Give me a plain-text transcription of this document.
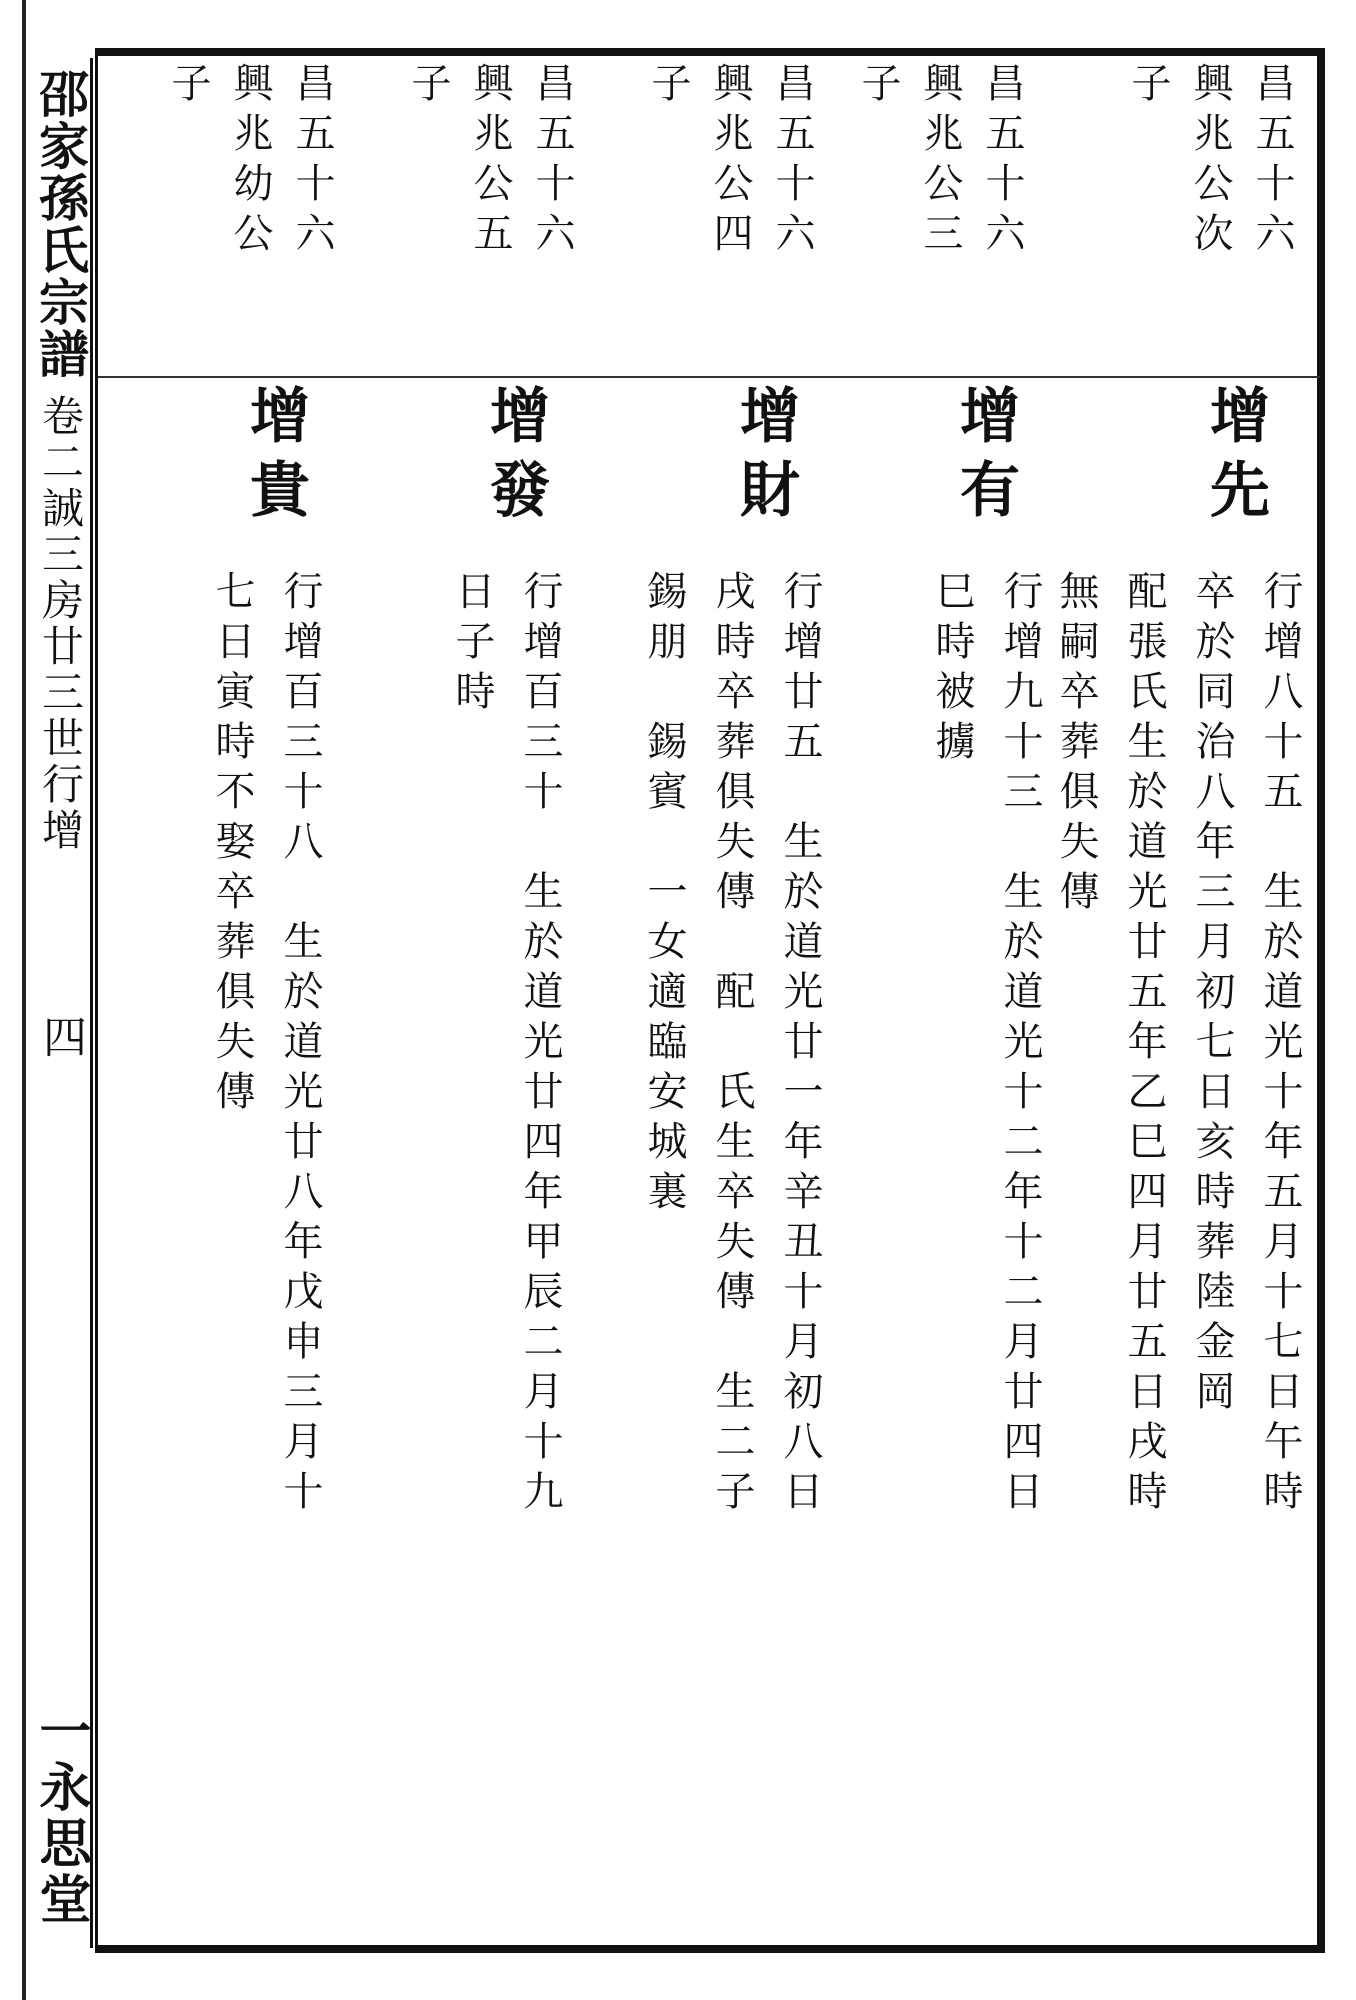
邵家孫氏宗譜
卷二誠三房廿三世行增
四
一永思堂
昌五十六
興兆公次
子
增先
行增八十五　生於道光十年五月十七日午時
卒於同治八年三月初七日亥時葬陸金岡
配張氏生於道光廿五年乙巳四月廿五日戌時
無嗣卒葬俱失傳
昌五十六
興兆公三
子
增有
行增九十三　生於道光十二年十二月廿四日
巳時被擄
昌五十六
興兆公四
子
增財
行增廿五　生於道光廿一年辛丑十月初八日
戌時卒葬俱失傳　配　氏生卒失傳　生二子
錫朋　錫賓　一女適臨安城裏
昌五十六
興兆公五
子
增發
行增百三十　生於道光廿四年甲辰二月十九
日子時
昌五十六
興兆幼公
子
增貴
行增百三十八　生於道光廿八年戊申三月十
七日寅時不娶卒葬俱失傳
